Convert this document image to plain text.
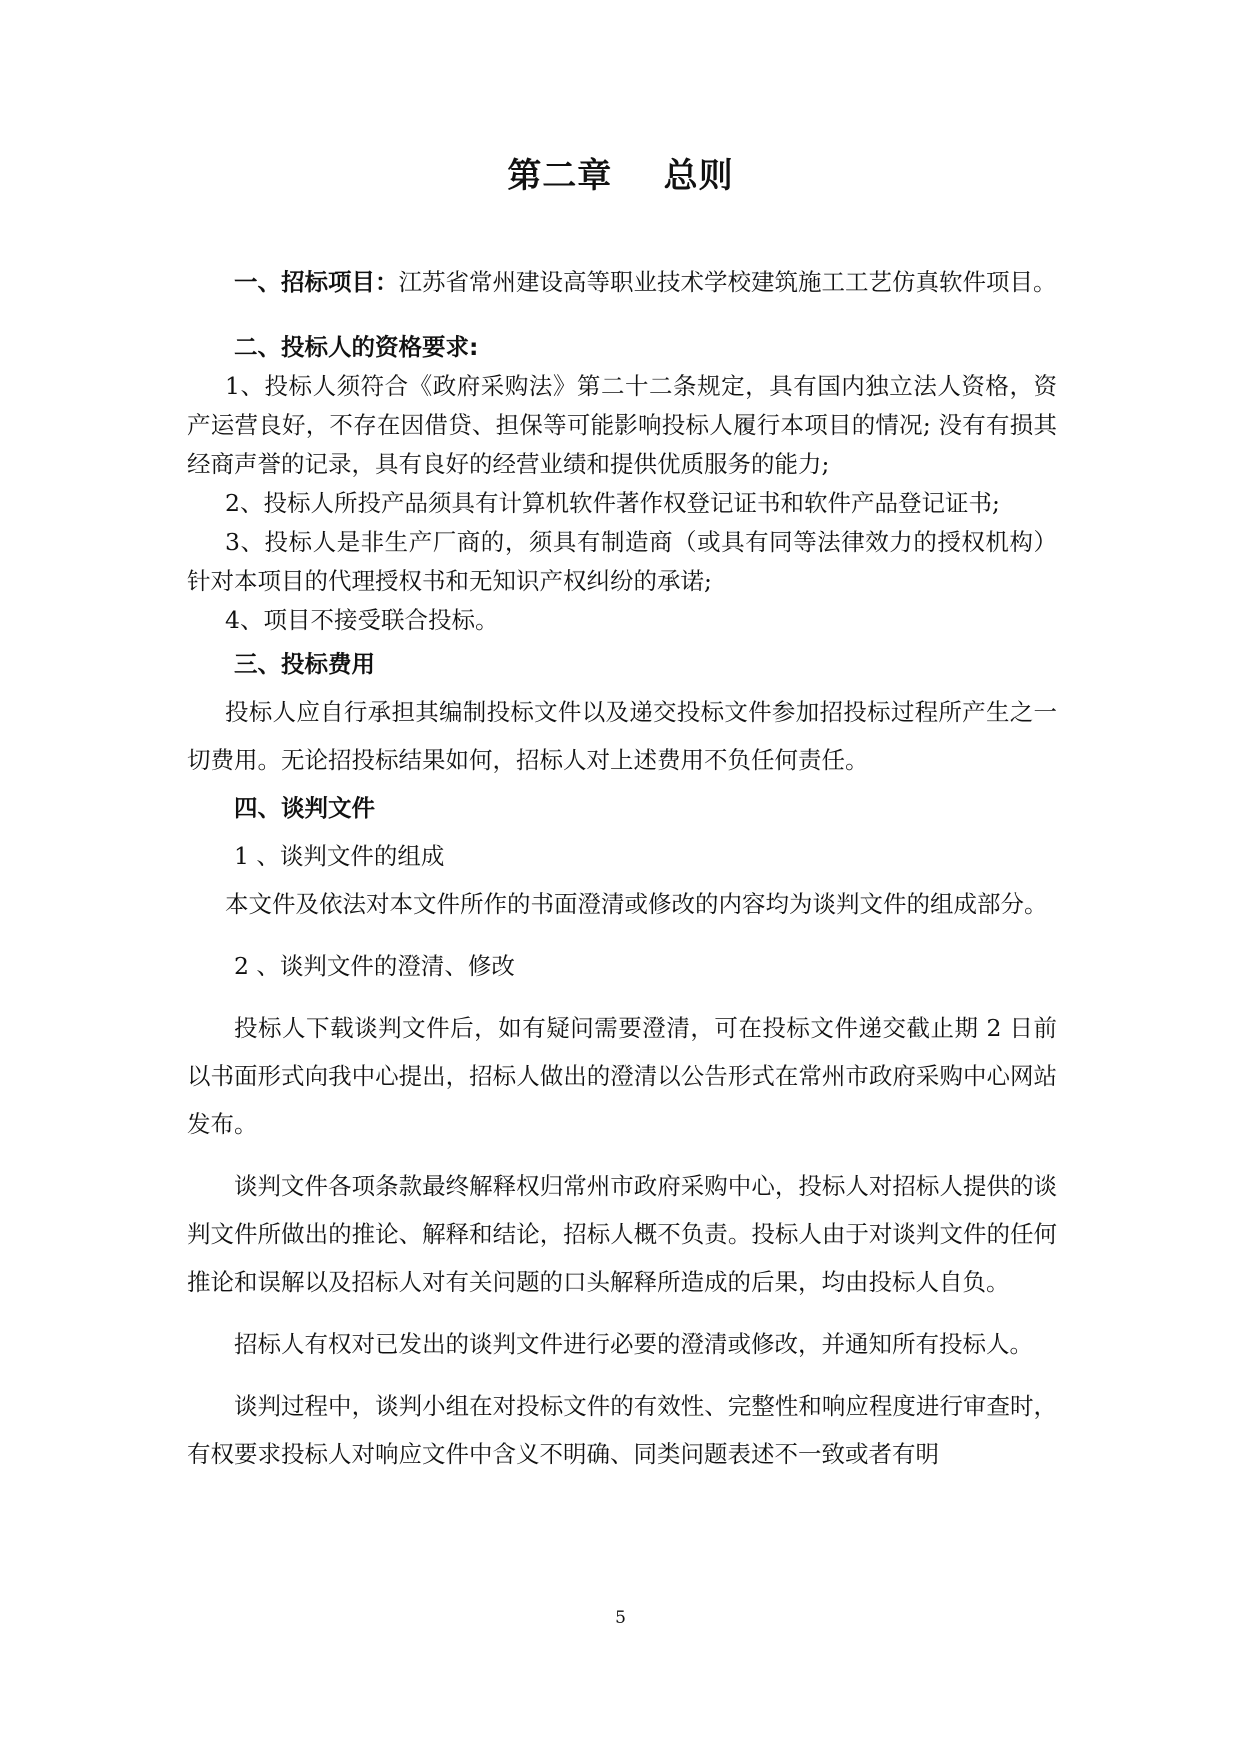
第二章    总则

一、招标项目：江苏省常州建设高等职业技术学校建筑施工工艺仿真软件项目。

二、投标人的资格要求:

1、投标人须符合《政府采购法》第二十二条规定，具有国内独立法人资格，资产运营良好，不存在因借贷、担保等可能影响投标人履行本项目的情况; 没有有损其经商声誉的记录，具有良好的经营业绩和提供优质服务的能力;

2、投标人所投产品须具有计算机软件著作权登记证书和软件产品登记证书;

3、投标人是非生产厂商的，须具有制造商（或具有同等法律效力的授权机构）针对本项目的代理授权书和无知识产权纠纷的承诺;

4、项目不接受联合投标。

三、投标费用

投标人应自行承担其编制投标文件以及递交投标文件参加招投标过程所产生之一切费用。无论招投标结果如何，招标人对上述费用不负任何责任。

四、谈判文件

1 、谈判文件的组成

本文件及依法对本文件所作的书面澄清或修改的内容均为谈判文件的组成部分。

2 、谈判文件的澄清、修改

投标人下载谈判文件后，如有疑问需要澄清，可在投标文件递交截止期 2 日前以书面形式向我中心提出，招标人做出的澄清以公告形式在常州市政府采购中心网站发布。

谈判文件各项条款最终解释权归常州市政府采购中心，投标人对招标人提供的谈判文件所做出的推论、解释和结论，招标人概不负责。投标人由于对谈判文件的任何推论和误解以及招标人对有关问题的口头解释所造成的后果，均由投标人自负。

招标人有权对已发出的谈判文件进行必要的澄清或修改，并通知所有投标人。

谈判过程中，谈判小组在对投标文件的有效性、完整性和响应程度进行审查时，有权要求投标人对响应文件中含义不明确、同类问题表述不一致或者有明

5
